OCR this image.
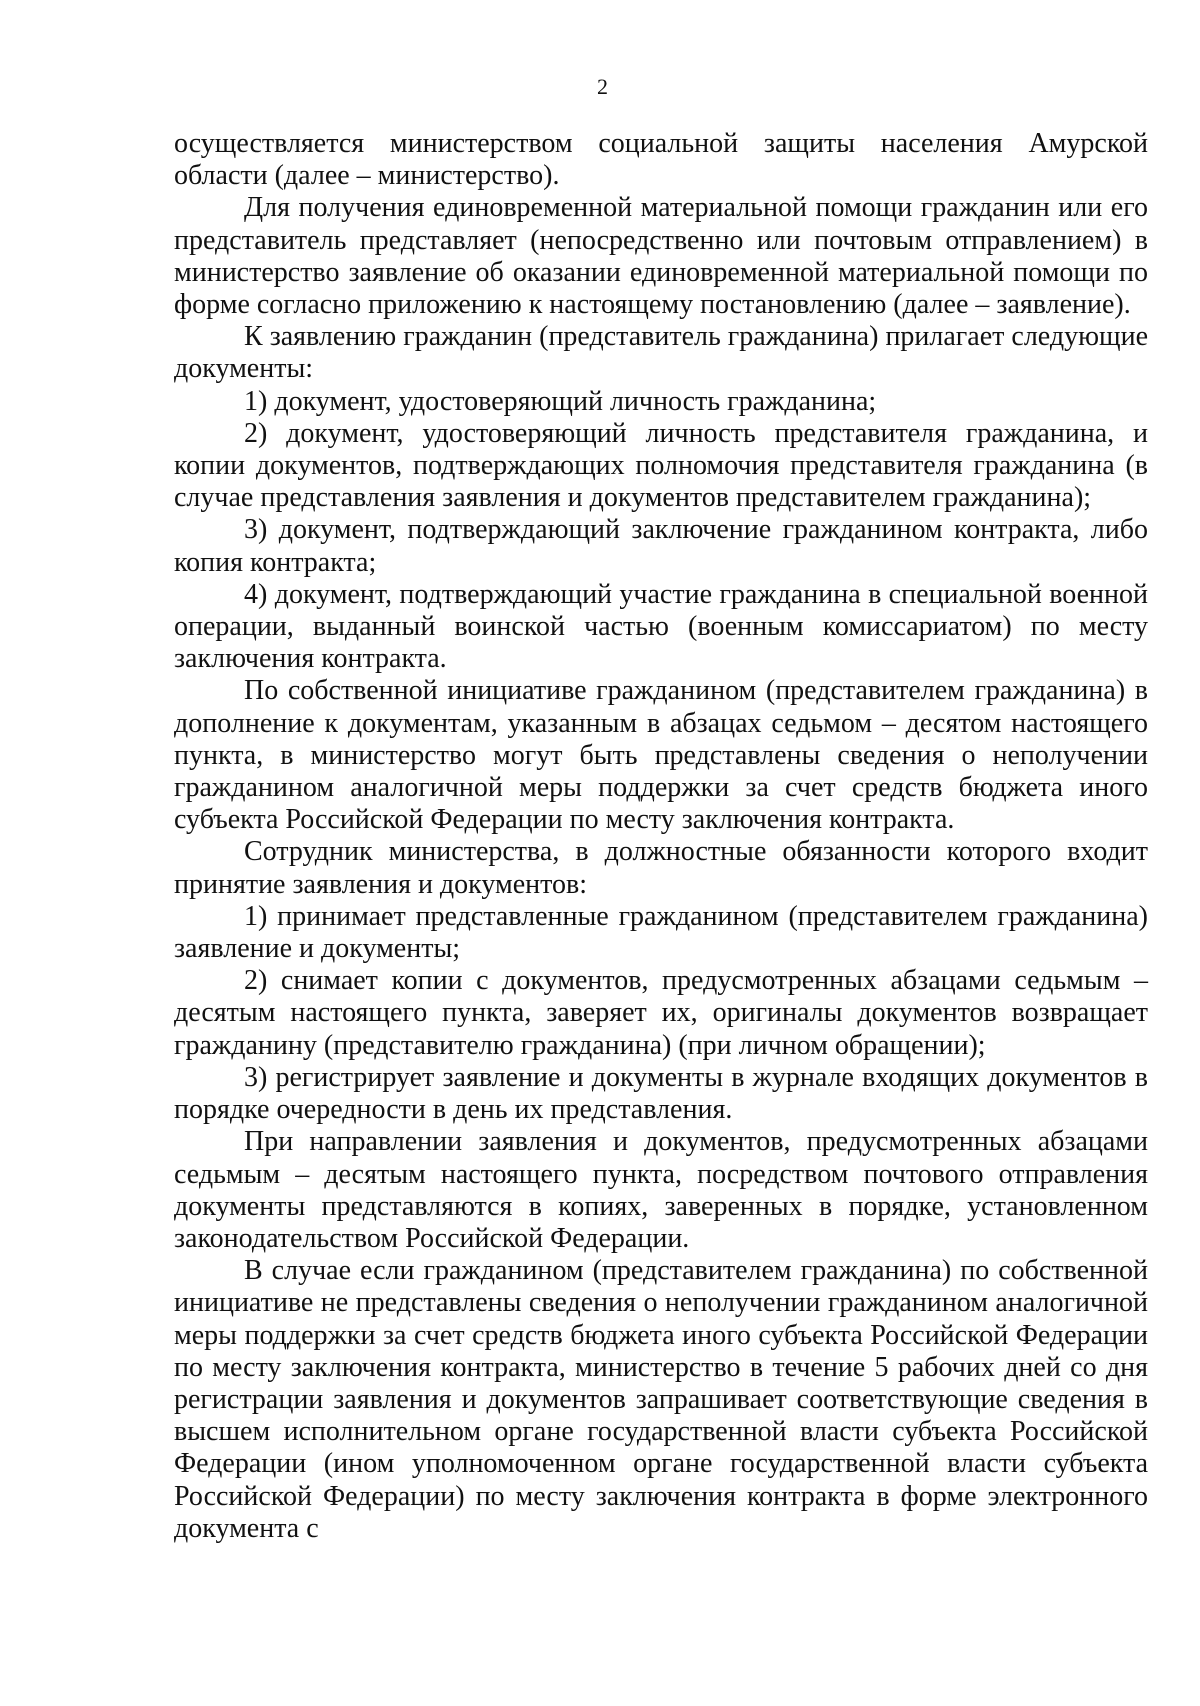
2

осуществляется министерством социальной защиты населения Амурской области (далее – министерство).

Для получения единовременной материальной помощи гражданин или его представитель представляет (непосредственно или почтовым отправлением) в министерство заявление об оказании единовременной материальной помощи по форме согласно приложению к настоящему постановлению (далее – заявление).

К заявлению гражданин (представитель гражданина) прилагает следующие документы:

1) документ, удостоверяющий личность гражданина;

2) документ, удостоверяющий личность представителя гражданина, и копии документов, подтверждающих полномочия представителя гражданина (в случае представления заявления и документов представителем гражданина);

3) документ, подтверждающий заключение гражданином контракта, либо копия контракта;

4) документ, подтверждающий участие гражданина в специальной военной операции, выданный воинской частью (военным комиссариатом) по месту заключения контракта.

По собственной инициативе гражданином (представителем гражданина) в дополнение к документам, указанным в абзацах седьмом – десятом настоящего пункта, в министерство могут быть представлены сведения о неполучении гражданином аналогичной меры поддержки за счет средств бюджета иного субъекта Российской Федерации по месту заключения контракта.

Сотрудник министерства, в должностные обязанности которого входит принятие заявления и документов:

1) принимает представленные гражданином (представителем гражданина) заявление и документы;

2) снимает копии с документов, предусмотренных абзацами седьмым – десятым настоящего пункта, заверяет их, оригиналы документов возвращает гражданину (представителю гражданина) (при личном обращении);

3) регистрирует заявление и документы в журнале входящих документов в порядке очередности в день их представления.

При направлении заявления и документов, предусмотренных абзацами седьмым – десятым настоящего пункта, посредством почтового отправления документы представляются в копиях, заверенных в порядке, установленном законодательством Российской Федерации.

В случае если гражданином (представителем гражданина) по собственной инициативе не представлены сведения о неполучении гражданином аналогичной меры поддержки за счет средств бюджета иного субъекта Российской Федерации по месту заключения контракта, министерство в течение 5 рабочих дней со дня регистрации заявления и документов запрашивает соответствующие сведения в высшем исполнительном органе государственной власти субъекта Российской Федерации (ином уполномоченном органе государственной власти субъекта Российской Федерации) по месту заключения контракта в форме электронного документа с
